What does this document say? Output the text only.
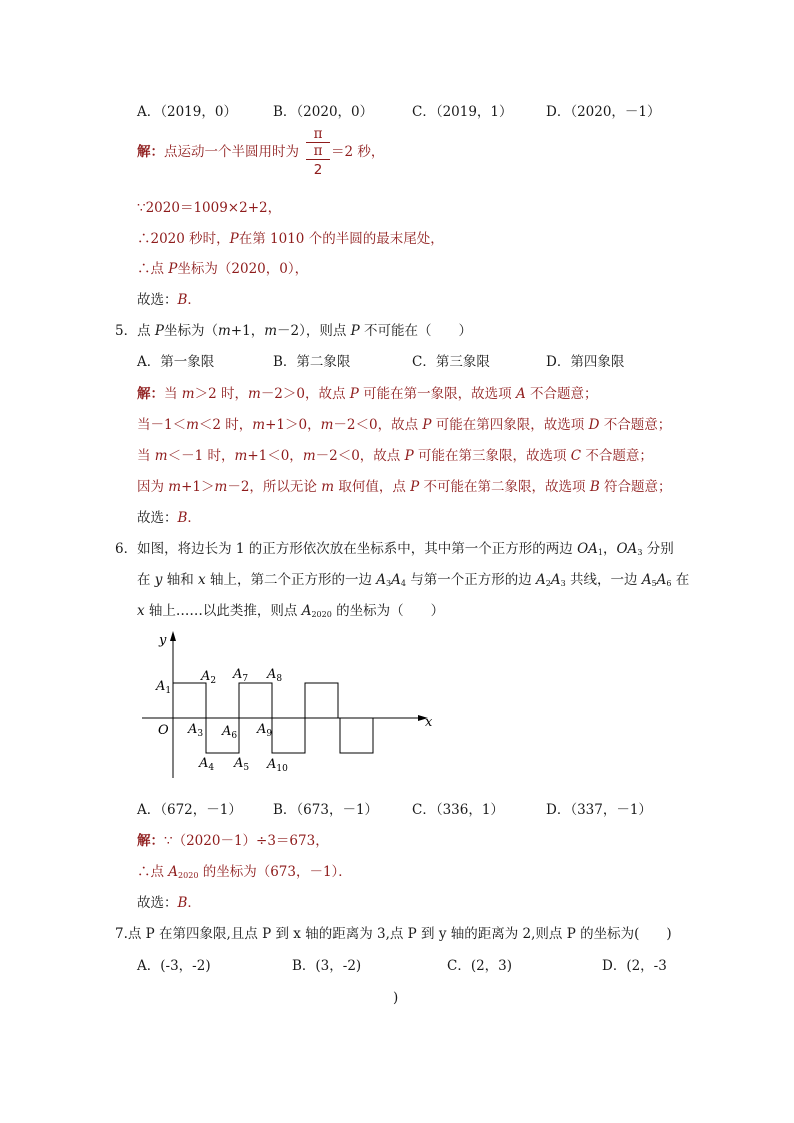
A．（2019，0）	B．（2020，0）	C．（2019，1） D．（2020，－1）
解：点运动一个半圆用时为
π
π
2
＝2 秒，
∵2020＝1009×2+2，
∴2020 秒时，P在第 1010 个的半圆的最末尾处，
∴点 P坐标为（2020，0），
故选：B．
5．点 P坐标为（m+1，m－2），则点 P 不可能在（　　）
A．第一象限	B．第二象限	C．第三象限	D．第四象限
解：当 m＞2 时，m－2＞0，故点 P 可能在第一象限，故选项 A 不合题意；
当－1＜m＜2 时，m+1＞0，m－2＜0，故点 P 可能在第四象限，故选项 D 不合题意；
当 m＜－1 时，m+1＜0，m－2＜0，故点 P 可能在第三象限，故选项 C 不合题意；
因为 m+1＞m－2，所以无论 m 取何值，点 P 不可能在第二象限，故选项 B 符合题意；
故选：B．
6．如图，将边长为 1 的正方形依次放在坐标系中，其中第一个正方形的两边 $OA_1$，$OA_3$ 分别
在 y 轴和 x 轴上，第二个正方形的一边 $A_3A_4$ 与第一个正方形的边 $A_2A_3$ 共线，一边 $A_5A_6$ 在
x 轴上……以此类推，则点 $A_{2020}$ 的坐标为（　　）
y
x
O
$A_1$
$A_2$
$A_3$
$A_4$ $A_5$
$A_6$
$A_7$ $A_8$
$A_9$
$A_{10}$
A．（672，－1） B．（673，－1）	C．（336，1）	D．（337，－1）
解：∵（2020－1）÷3＝673，
∴点 $A_{2020}$ 的坐标为（673，－1）．
故选：B．
7.点 P 在第四象限,且点 P 到 x 轴的距离为 3,点 P 到 y 轴的距离为 2,则点 P 的坐标为(　　)
A．(-3，-2)	B．(3，-2)	C．(2，3)	D．(2，-3
)
